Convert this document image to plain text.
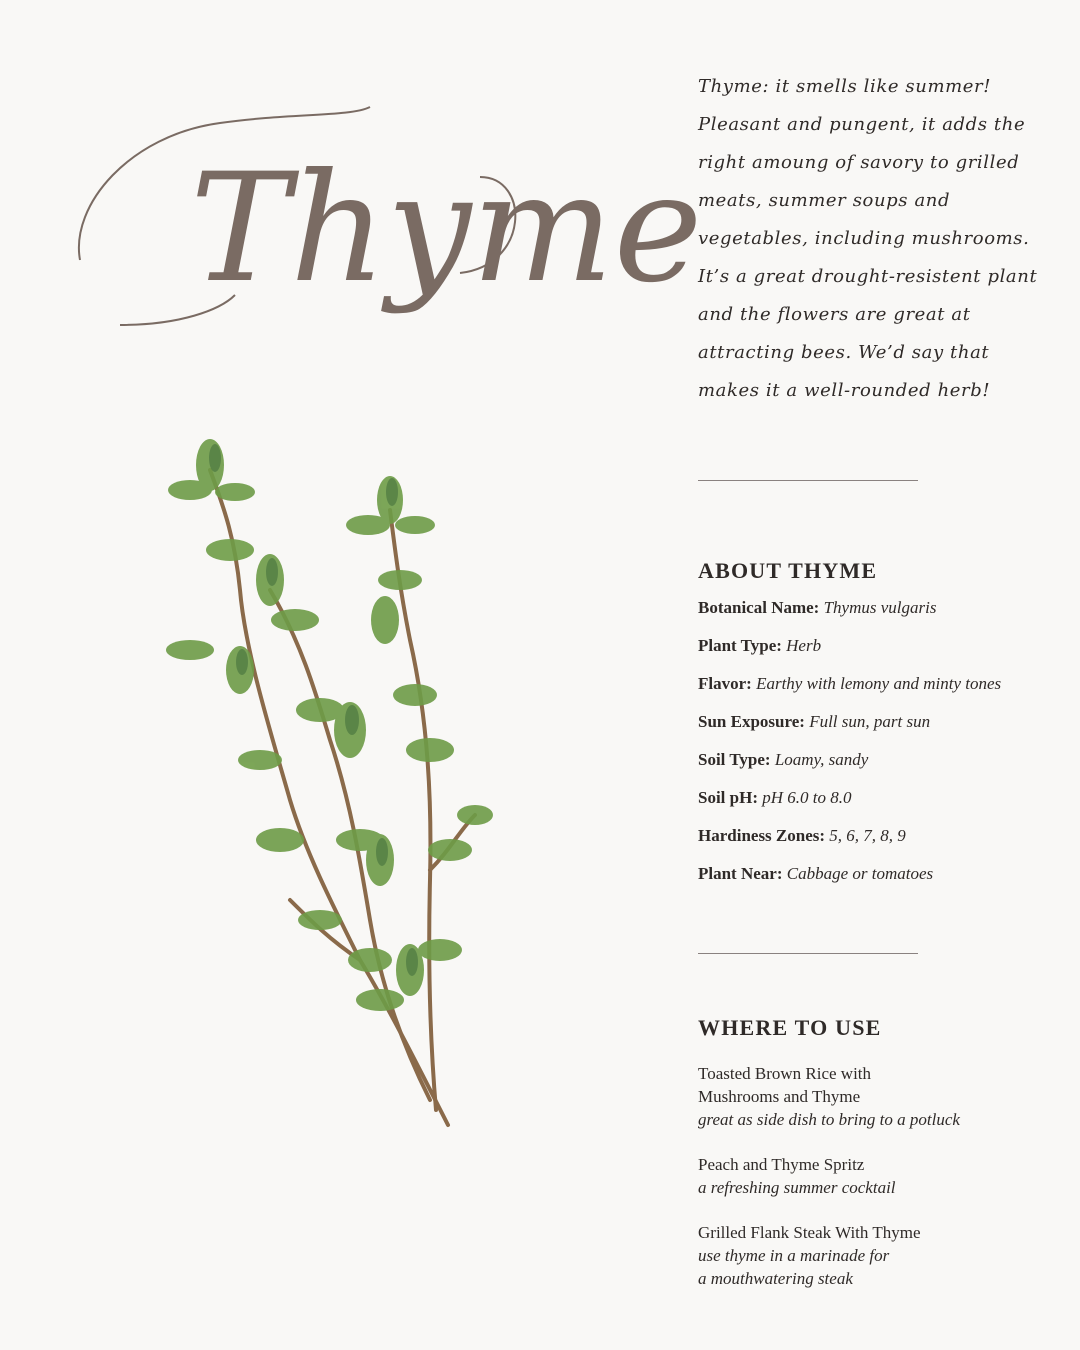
Thyme

Thyme: it smells like summer! Pleasant and pungent, it adds the right amoung of savory to grilled meats, summer soups and vegetables, including mushrooms. It’s a great drought-resistent plant and the flowers are great at attracting bees. We’d say that makes it a well-rounded herb!

ABOUT THYME
Botanical Name: Thymus vulgaris
Plant Type: Herb
Flavor: Earthy with lemony and minty tones
Sun Exposure: Full sun, part sun
Soil Type: Loamy, sandy
Soil pH: pH 6.0 to 8.0
Hardiness Zones: 5, 6, 7, 8, 9
Plant Near: Cabbage or tomatoes
WHERE TO USE
Toasted Brown Rice with
Mushrooms and Thyme
great as side dish to bring to a potluck
Peach and Thyme Spritz
a refreshing summer cocktail
Grilled Flank Steak With Thyme
use thyme in a marinade for
a mouthwatering steak
